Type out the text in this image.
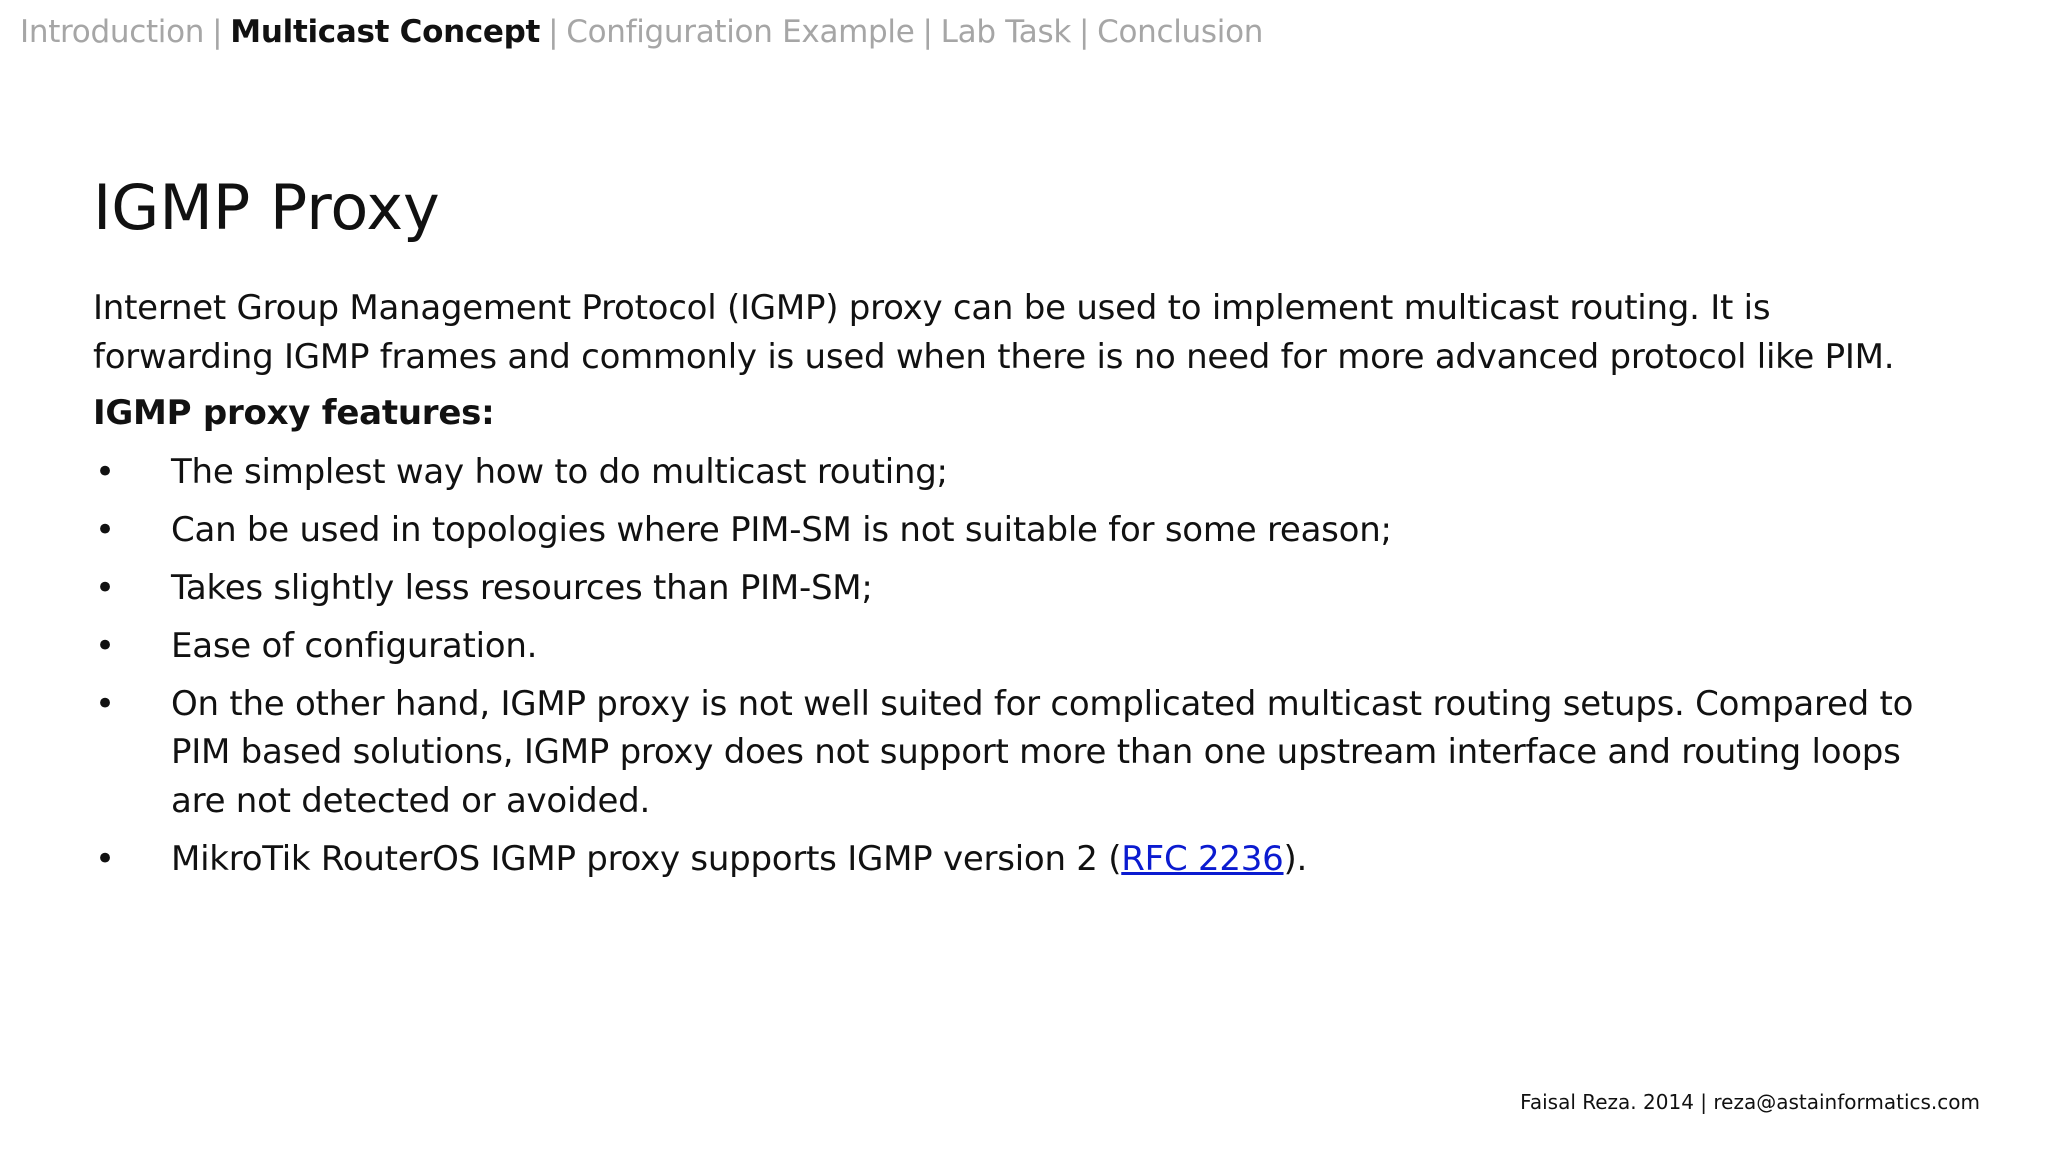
Introduction | Multicast Concept | Configuration Example | Lab Task | Conclusion
IGMP Proxy

Internet Group Management Protocol (IGMP) proxy can be used to implement multicast routing. It is forwarding IGMP frames and commonly is used when there is no need for more advanced protocol like PIM.

IGMP proxy features:

• The simplest way how to do multicast routing;
• Can be used in topologies where PIM-SM is not suitable for some reason;
• Takes slightly less resources than PIM-SM;
• Ease of configuration.
• On the other hand, IGMP proxy is not well suited for complicated multicast routing setups. Compared to PIM based solutions, IGMP proxy does not support more than one upstream interface and routing loops are not detected or avoided.
• MikroTik RouterOS IGMP proxy supports IGMP version 2 (RFC 2236).
Faisal Reza. 2014 | reza@astainformatics.com
